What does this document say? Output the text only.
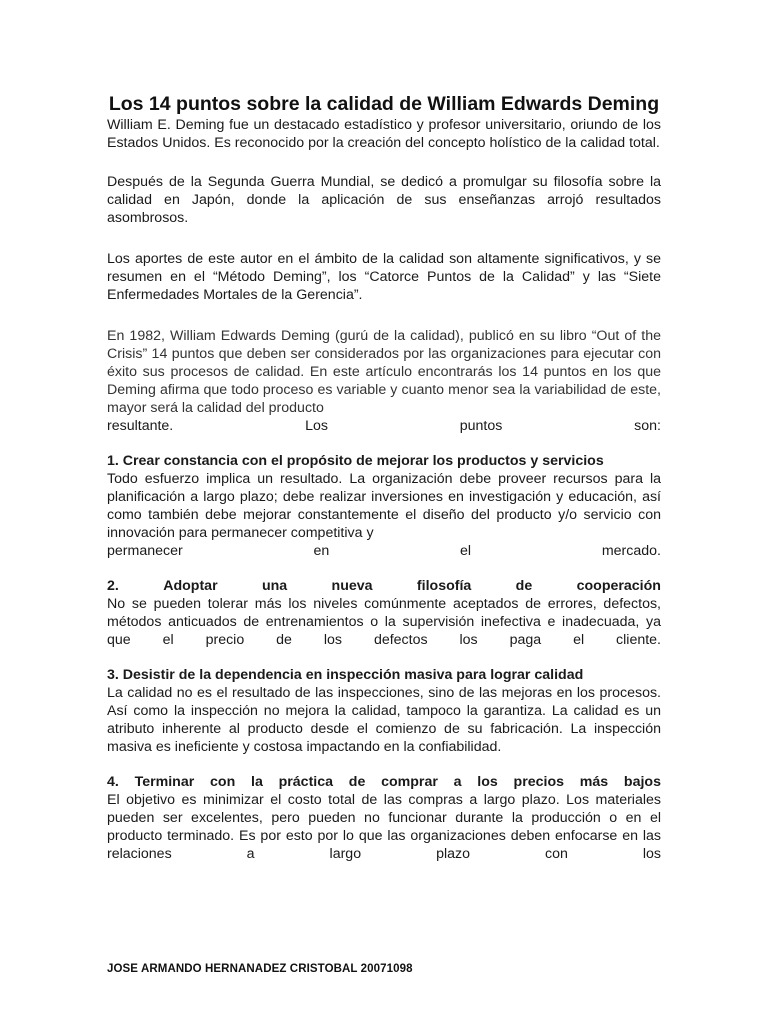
Los 14 puntos sobre la calidad de William Edwards Deming

William E. Deming fue un destacado estadístico y profesor universitario, oriundo de los Estados Unidos. Es reconocido por la creación del concepto holístico de la calidad total.

Después de la Segunda Guerra Mundial, se dedicó a promulgar su filosofía sobre la calidad en Japón, donde la aplicación de sus enseñanzas arrojó resultados asombrosos.

Los aportes de este autor en el ámbito de la calidad son altamente significativos, y se resumen en el “Método Deming”, los “Catorce Puntos de la Calidad” y las “Siete Enfermedades Mortales de la Gerencia”.

En 1982, William Edwards Deming (gurú de la calidad), publicó en su libro “Out of the Crisis” 14 puntos que deben ser considerados por las organizaciones para ejecutar con éxito sus procesos de calidad. En este artículo encontrarás los 14 puntos en los que Deming afirma que todo proceso es variable y cuanto menor sea la variabilidad de este, mayor será la calidad del producto

resultante.	Los	puntos	son:

1. Crear constancia con el propósito de mejorar los productos y servicios

Todo esfuerzo implica un resultado. La organización debe proveer recursos para la planificación a largo plazo; debe realizar inversiones en investigación y educación, así como también debe mejorar constantemente el diseño del producto y/o servicio con innovación para permanecer competitiva y

permanecer	en	el	mercado.
2.	Adoptar	una	nueva	filosofía	de	cooperación

No se pueden tolerar más los niveles comúnmente aceptados de errores, defectos, métodos anticuados de entrenamientos o la supervisión inefectiva e inadecuada, ya que el precio de los defectos los paga el cliente.

3. Desistir de la dependencia en inspección masiva para lograr calidad

La calidad no es el resultado de las inspecciones, sino de las mejoras en los procesos. Así como la inspección no mejora la calidad, tampoco la garantiza. La calidad es un atributo inherente al producto desde el comienzo de su fabricación. La inspección masiva es ineficiente y costosa impactando en la confiabilidad.

4. Terminar con la práctica de comprar a los precios más bajos

El objetivo es minimizar el costo total de las compras a largo plazo. Los materiales pueden ser excelentes, pero pueden no funcionar durante la producción o en el producto terminado. Es por esto por lo que las organizaciones deben enfocarse en las relaciones a largo plazo con los

JOSE ARMANDO HERNANADEZ CRISTOBAL 20071098
